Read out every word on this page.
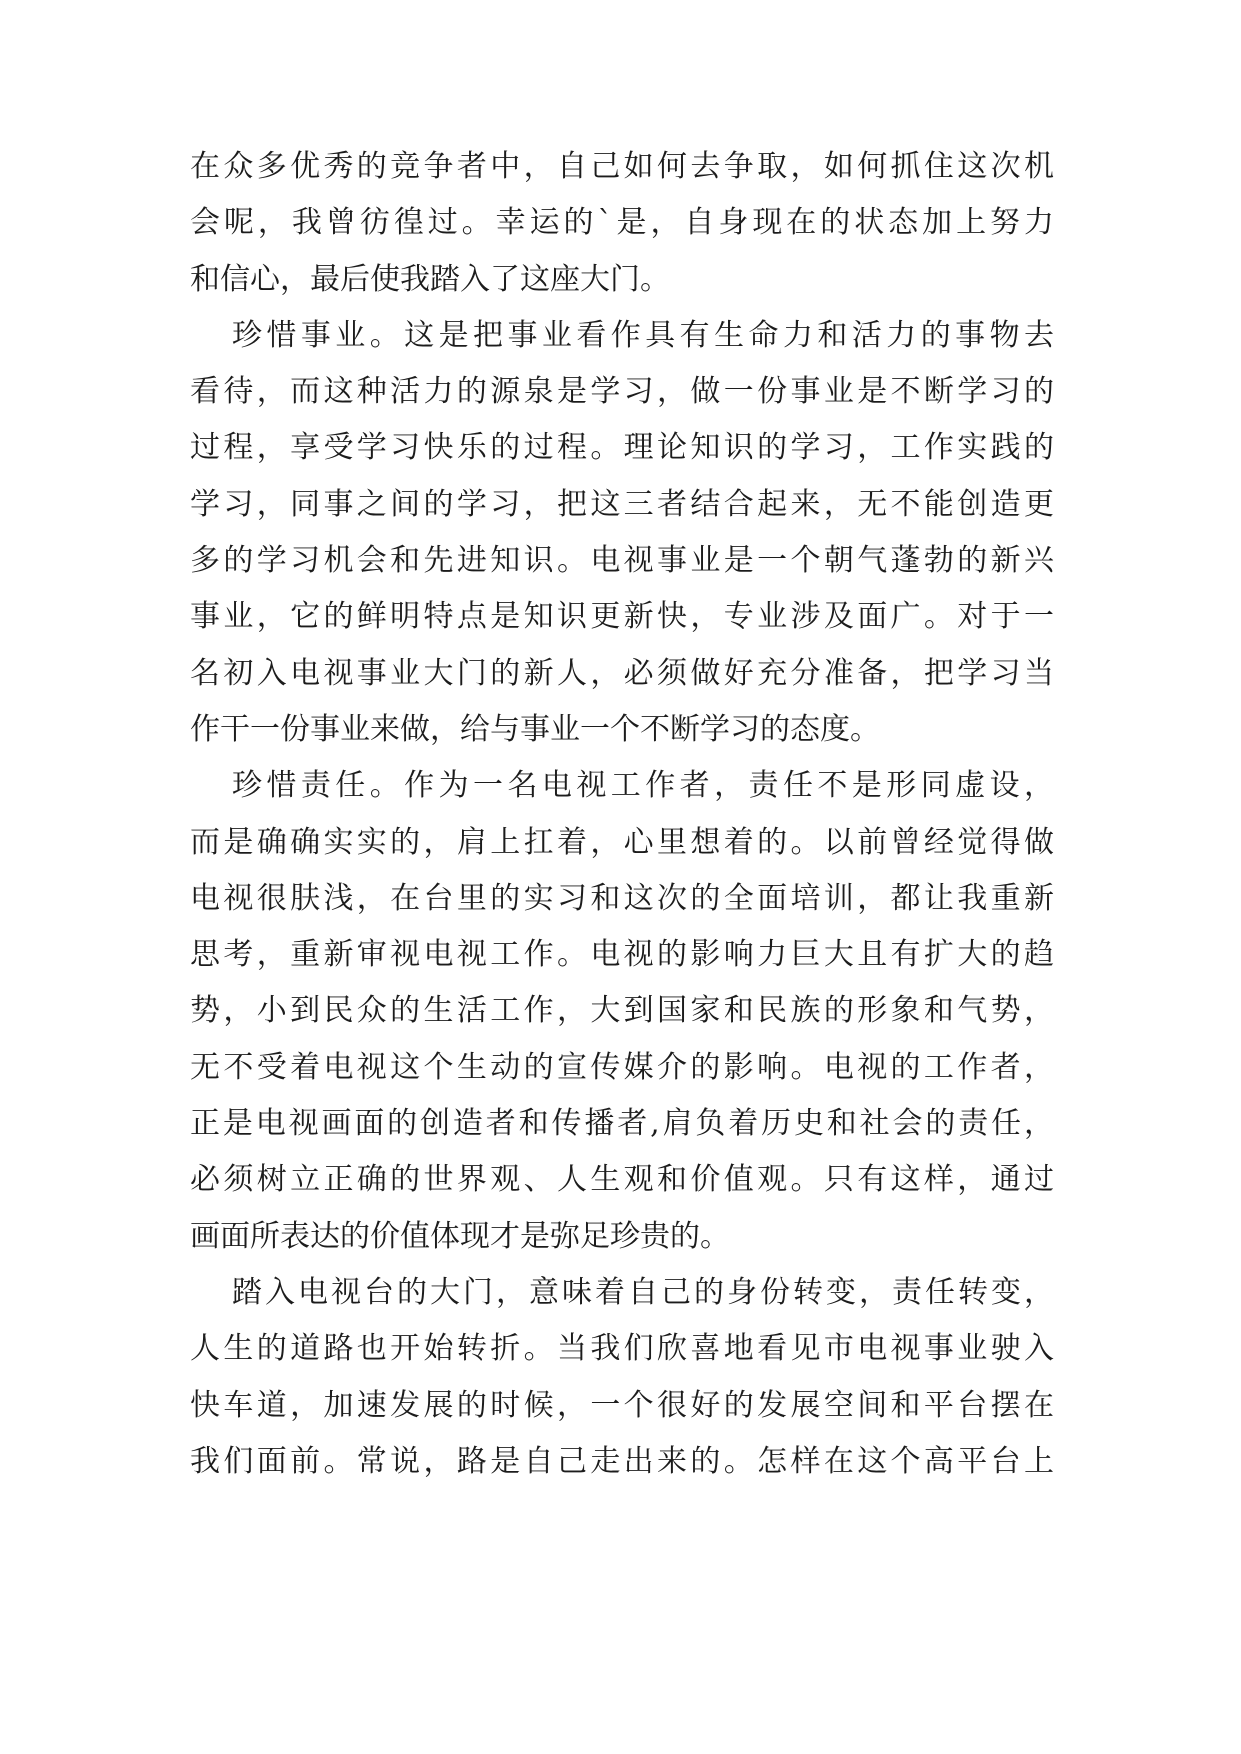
在众多优秀的竞争者中，自己如何去争取，如何抓住这次机
会呢，我曾彷徨过。幸运的`是，自身现在的状态加上努力
和信心，最后使我踏入了这座大门。
珍惜事业。这是把事业看作具有生命力和活力的事物去
看待，而这种活力的源泉是学习，做一份事业是不断学习的
过程，享受学习快乐的过程。理论知识的学习，工作实践的
学习，同事之间的学习，把这三者结合起来，无不能创造更
多的学习机会和先进知识。电视事业是一个朝气蓬勃的新兴
事业，它的鲜明特点是知识更新快，专业涉及面广。对于一
名初入电视事业大门的新人，必须做好充分准备，把学习当
作干一份事业来做，给与事业一个不断学习的态度。
珍惜责任。作为一名电视工作者，责任不是形同虚设，
而是确确实实的，肩上扛着，心里想着的。以前曾经觉得做
电视很肤浅，在台里的实习和这次的全面培训，都让我重新
思考，重新审视电视工作。电视的影响力巨大且有扩大的趋
势，小到民众的生活工作，大到国家和民族的形象和气势，
无不受着电视这个生动的宣传媒介的影响。电视的工作者，
正是电视画面的创造者和传播者,肩负着历史和社会的责任，
必须树立正确的世界观、人生观和价值观。只有这样，通过
画面所表达的价值体现才是弥足珍贵的。
踏入电视台的大门，意味着自己的身份转变，责任转变，
人生的道路也开始转折。当我们欣喜地看见市电视事业驶入
快车道，加速发展的时候，一个很好的发展空间和平台摆在
我们面前。常说，路是自己走出来的。怎样在这个高平台上
